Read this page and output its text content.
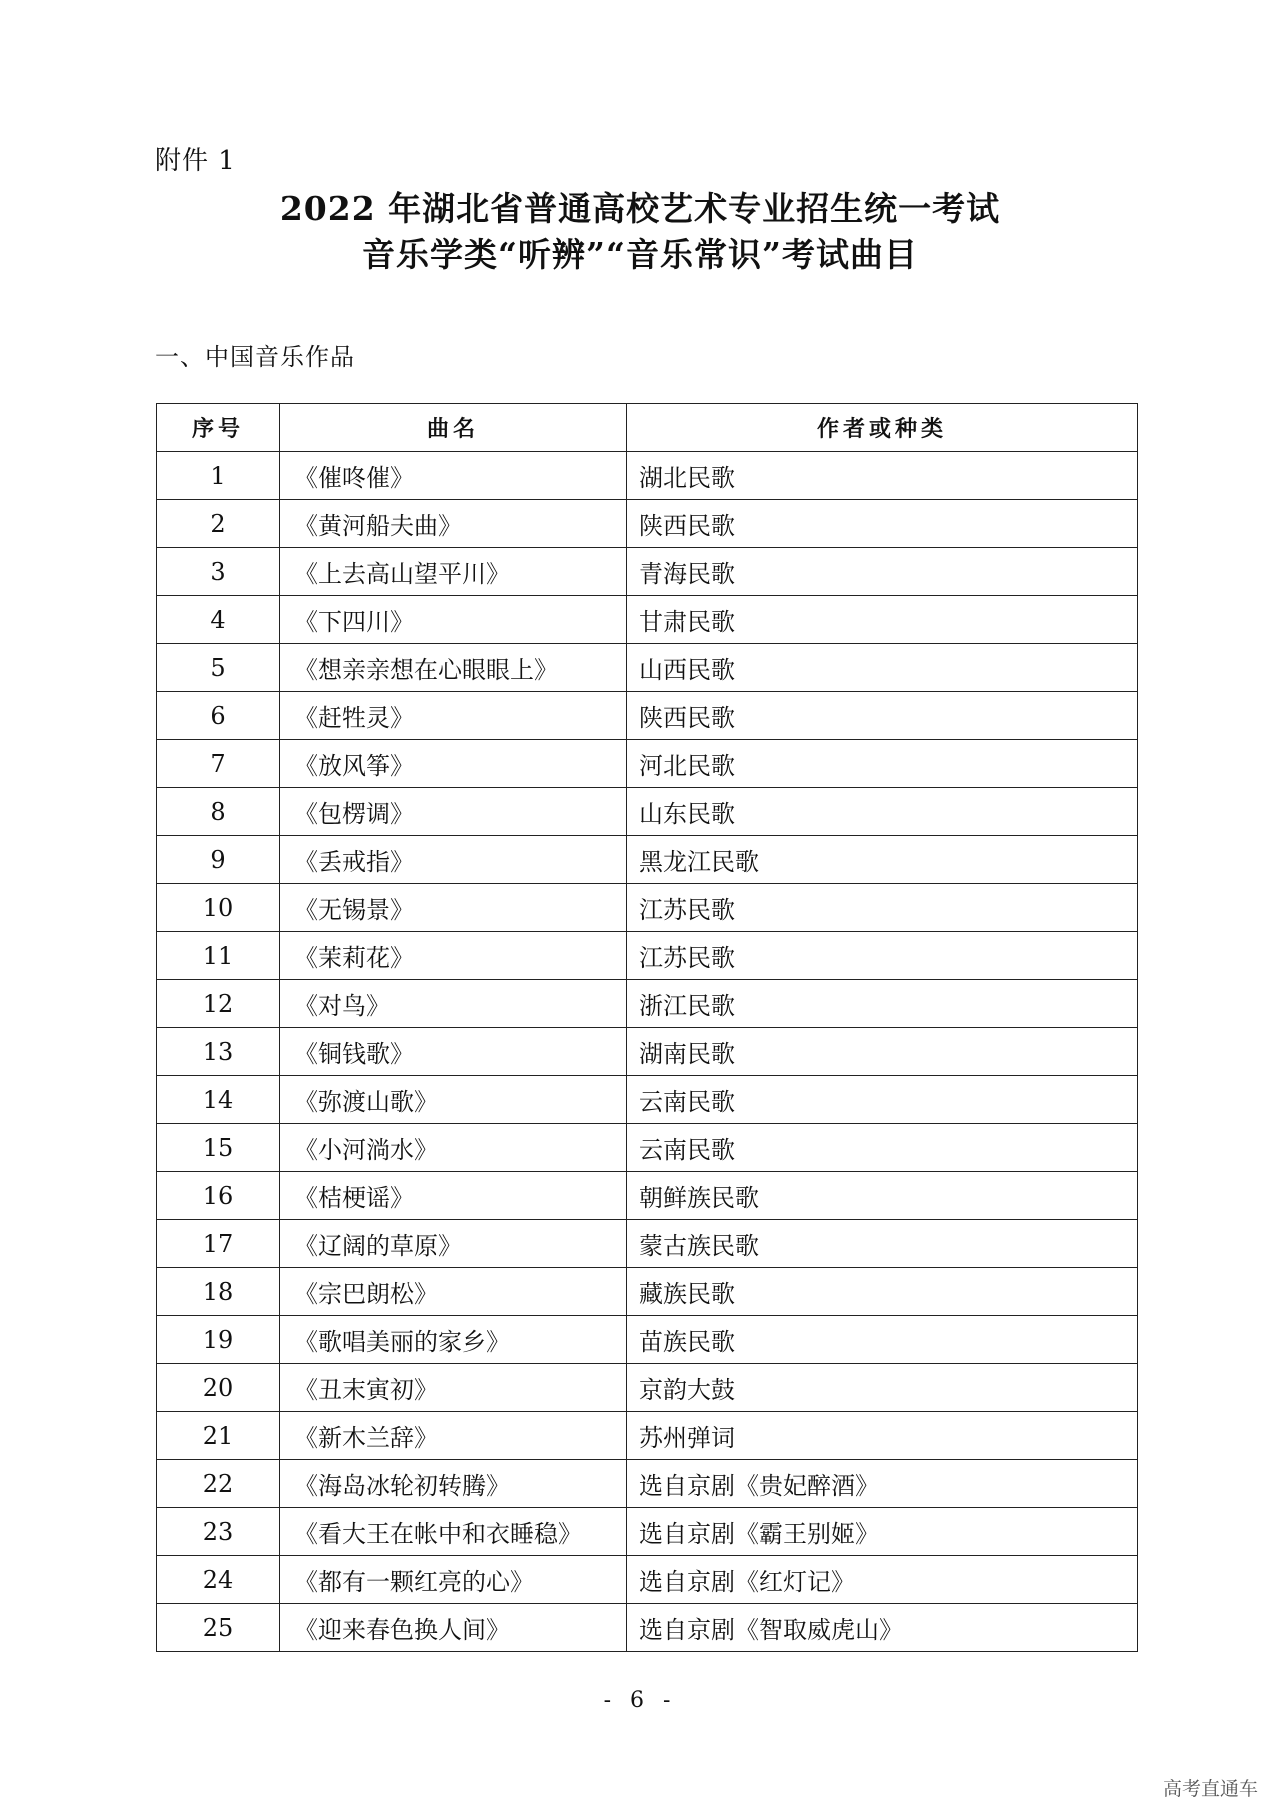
附件 1
2022 年湖北省普通高校艺术专业招生统一考试
音乐学类“听辨”“音乐常识”考试曲目
一、中国音乐作品
序号	曲名	作者或种类
1	《催咚催》	湖北民歌
2	《黄河船夫曲》	陕西民歌
3	《上去高山望平川》	青海民歌
4	《下四川》	甘肃民歌
5	《想亲亲想在心眼眼上》	山西民歌
6	《赶牲灵》	陕西民歌
7	《放风筝》	河北民歌
8	《包楞调》	山东民歌
9	《丢戒指》	黑龙江民歌
10	《无锡景》	江苏民歌
11	《茉莉花》	江苏民歌
12	《对鸟》	浙江民歌
13	《铜钱歌》	湖南民歌
14	《弥渡山歌》	云南民歌
15	《小河淌水》	云南民歌
16	《桔梗谣》	朝鲜族民歌
17	《辽阔的草原》	蒙古族民歌
18	《宗巴朗松》	藏族民歌
19	《歌唱美丽的家乡》	苗族民歌
20	《丑末寅初》	京韵大鼓
21	《新木兰辞》	苏州弹词
22	《海岛冰轮初转腾》	选自京剧《贵妃醉酒》
23	《看大王在帐中和衣睡稳》	选自京剧《霸王别姬》
24	《都有一颗红亮的心》	选自京剧《红灯记》
25	《迎来春色换人间》	选自京剧《智取威虎山》
- 6 -
高考直通车
